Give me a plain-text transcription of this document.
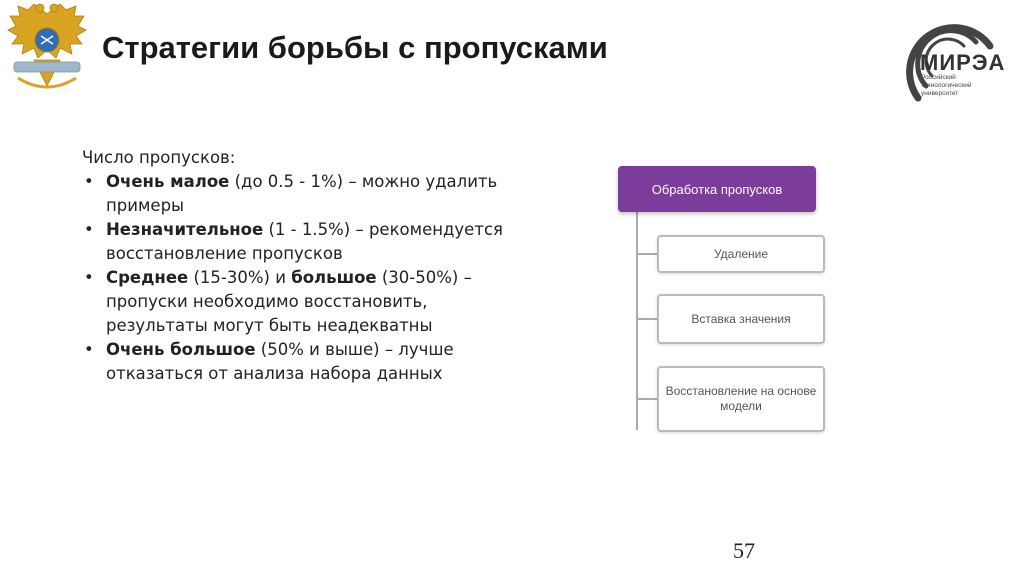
Стратегии борьбы с пропусками	МИРЭА
Российский технологический университет

Число пропусков:

• Очень малое (до 0.5 - 1%) – можно удалить примеры
• Незначительное (1 - 1.5%) – рекомендуется восстановление пропусков
• Среднее (15-30%) и большое (30-50%) – пропуски необходимо восстановить, результаты могут быть неадекватны
• Очень большое (50% и выше) – лучше отказаться от анализа набора данных
Обработка пропусков
Удаление
Вставка значения
Восстановление на основе модели
57
